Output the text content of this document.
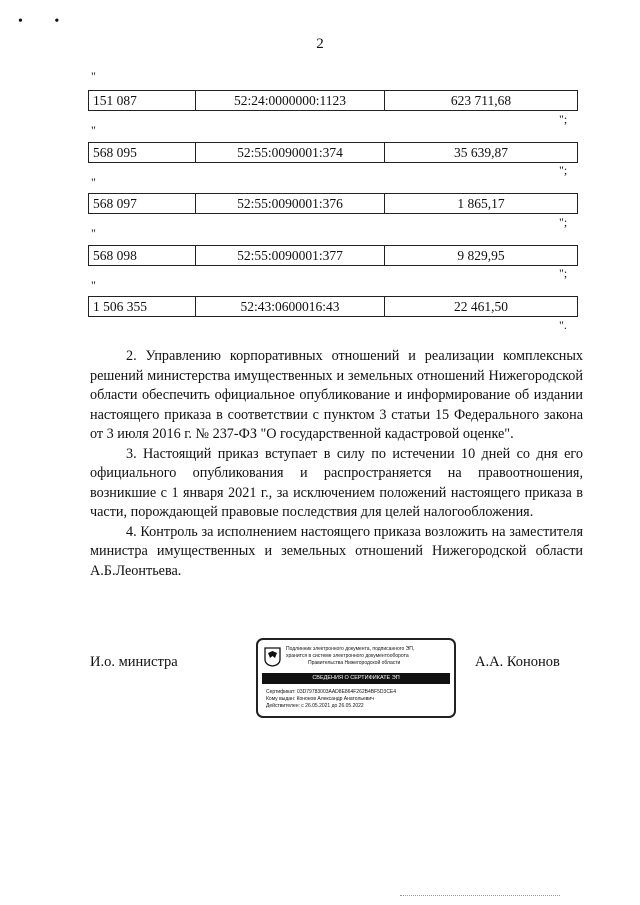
• •
2
"
151 087	52:24:0000000:1123	623 711,68
";
"
568 095	52:55:0090001:374	35 639,87
";
"
568 097	52:55:0090001:376	1 865,17
";
"
568 098	52:55:0090001:377	9 829,95
";
"
1 506 355	52:43:0600016:43	22 461,50
".

2. Управлению корпоративных отношений и реализации комплексных решений министерства имущественных и земельных отношений Нижегородской области обеспечить официальное опубликование и информирование об издании настоящего приказа в соответствии с пунктом 3 статьи 15 Федерального закона от 3 июля 2016 г. № 237-ФЗ "О государственной кадастровой оценке".

3. Настоящий приказ вступает в силу по истечении 10 дней со дня его официального опубликования и распространяется на правоотношения, возникшие с 1 января 2021 г., за исключением положений настоящего приказа в части, порождающей правовые последствия для целей налогообложения.

4. Контроль за исполнением настоящего приказа возложить на заместителя министра имущественных и земельных отношений Нижегородской области А.Б.Леонтьева.

И.о. министра
Подлинник электронного документа, подписанного ЭП,
хранится в системе электронного документооборота
Правительства Нижегородской области
СВЕДЕНИЯ О СЕРТИФИКАТЕ ЭП
Сертификат: 03D79783003AAD8E864F262B4BF5D3CE4
Кому выдан: Кононов Александр Анатольевич
Действителен: с 26.05.2021 до 26.05.2022
А.А. Кононов
